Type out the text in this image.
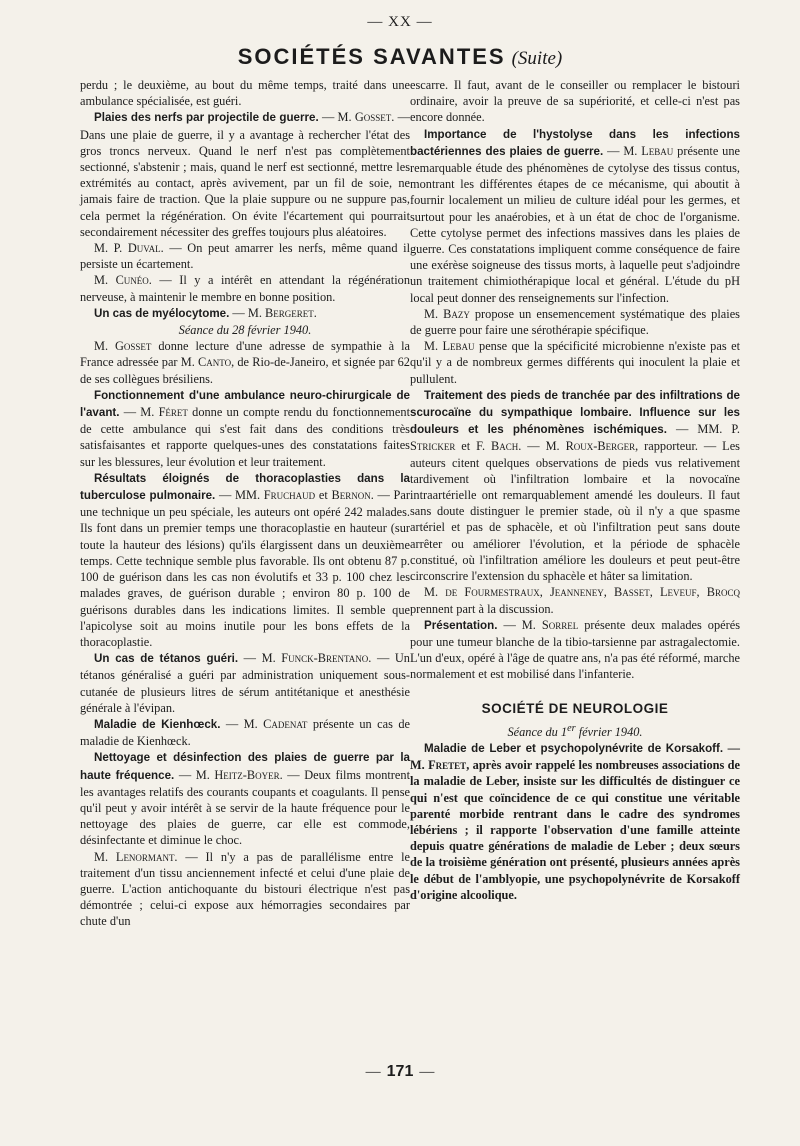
— XX —
SOCIÉTÉS SAVANTES (Suite)

perdu ; le deuxième, au bout du même temps, traité dans une ambulance spécialisée, est guéri.

Plaies des nerfs par projectile de guerre. — M. Gosset. — Dans une plaie de guerre, il y a avantage à rechercher l'état des gros troncs nerveux. Quand le nerf n'est pas complètement sectionné, s'abstenir ; mais, quand le nerf est sectionné, mettre les extrémités au contact, après avivement, par un fil de soie, ne jamais faire de traction. Que la plaie suppure ou ne suppure pas, cela permet la régénération. On évite l'écartement qui pourrait secondairement nécessiter des greffes toujours plus aléatoires.

M. P. Duval. — On peut amarrer les nerfs, même quand il persiste un écartement.

M. Cunéo. — Il y a intérêt en attendant la régénération nerveuse, à maintenir le membre en bonne position.

Un cas de myélocytome. — M. Bergeret.

Séance du 28 février 1940.

M. Gosset donne lecture d'une adresse de sympathie à la France adressée par M. Canto, de Rio-de-Janeiro, et signée par 62 de ses collègues brésiliens.

Fonctionnement d'une ambulance neuro-chirurgicale de l'avant. — M. Féret donne un compte rendu du fonctionnement de cette ambulance qui s'est fait dans des conditions très satisfaisantes et rapporte quelques-unes des constatations faites sur les blessures, leur évolution et leur traitement.

Résultats éloignés de thoracoplasties dans la tuberculose pulmonaire. — MM. Fruchaud et Bernon. — Par une technique un peu spéciale, les auteurs ont opéré 242 malades. Ils font dans un premier temps une thoracoplastie en hauteur (sur toute la hauteur des lésions) qu'ils élargissent dans un deuxième temps. Cette technique semble plus favorable. Ils ont obtenu 87 p. 100 de guérison dans les cas non évolutifs et 33 p. 100 chez les malades graves, de guérison durable ; environ 80 p. 100 de guérisons durables dans les indications limites. Il semble que l'apicolyse soit au moins inutile pour les bons effets de la thoracoplastie.

Un cas de tétanos guéri. — M. Funck-Brentano. — Un tétanos généralisé a guéri par administration uniquement sous-cutanée de plusieurs litres de sérum antitétanique et anesthésie générale à l'évipan.

Maladie de Kienhœck. — M. Cadenat présente un cas de maladie de Kienhœck.

Nettoyage et désinfection des plaies de guerre par la haute fréquence. — M. Heitz-Boyer. — Deux films montrent les avantages relatifs des courants coupants et coagulants. Il pense qu'il peut y avoir intérêt à se servir de la haute fréquence pour le nettoyage des plaies de guerre, car elle est commode, désinfectante et diminue le choc.

M. Lenormant. — Il n'y a pas de parallélisme entre le traitement d'un tissu anciennement infecté et celui d'une plaie de guerre. L'action antichoquante du bistouri électrique n'est pas démontrée ; celui-ci expose aux hémorragies secondaires par chute d'un

escarre. Il faut, avant de le conseiller ou remplacer le bistouri ordinaire, avoir la preuve de sa supériorité, et celle-ci n'est pas encore donnée.

Importance de l'hystolyse dans les infections bactériennes des plaies de guerre. — M. Lebau présente une remarquable étude des phénomènes de cytolyse des tissus contus, montrant les différentes étapes de ce mécanisme, qui aboutit à fournir localement un milieu de culture idéal pour les germes, et surtout pour les anaérobies, et à un état de choc de l'organisme. Cette cytolyse permet des infections massives dans les plaies de guerre. Ces constatations impliquent comme conséquence de faire une exérèse soigneuse des tissus morts, à laquelle peut s'adjoindre un traitement chimiothérapique local et général. L'étude du pH local peut donner des renseignements sur l'infection.

M. Bazy propose un ensemencement systématique des plaies de guerre pour faire une sérothérapie spécifique.

M. Lebau pense que la spécificité microbienne n'existe pas et qu'il y a de nombreux germes différents qui inoculent la plaie et pullulent.

Traitement des pieds de tranchée par des infiltrations de scurocaïne du sympathique lombaire. Influence sur les douleurs et les phénomènes ischémiques. — MM. P. Stricker et F. Bach. — M. Roux-Berger, rapporteur. — Les auteurs citent quelques observations de pieds vus relativement tardivement où l'infiltration lombaire et la novocaïne intraartérielle ont remarquablement amendé les douleurs. Il faut sans doute distinguer le premier stade, où il n'y a que spasme artériel et pas de sphacèle, et où l'infiltration peut sans doute arrêter ou améliorer l'évolution, et la période de sphacèle constitué, où l'infiltration améliore les douleurs et peut peut-être circonscrire l'extension du sphacèle et hâter sa limitation.

M. de Fourmestraux, Jeanneney, Basset, Leveuf, Brocq prennent part à la discussion.

Présentation. — M. Sorrel présente deux malades opérés pour une tumeur blanche de la tibio-tarsienne par astragalectomie. L'un d'eux, opéré à l'âge de quatre ans, n'a pas été réformé, marche normalement et est mobilisé dans l'infanterie.

SOCIÉTÉ DE NEUROLOGIE

Séance du 1er février 1940.

Maladie de Leber et psychopolynévrite de Korsakoff. — M. Fretet, après avoir rappelé les nombreuses associations de la maladie de Leber, insiste sur les difficultés de distinguer ce qui n'est que coïncidence de ce qui constitue une véritable parenté morbide rentrant dans le cadre des syndromes lébériens ; il rapporte l'observation d'une famille atteinte depuis quatre générations de maladie de Leber ; deux sœurs de la troisième génération ont présenté, plusieurs années après le début de l'amblyopie, une psychopolynévrite de Korsakoff d'origine alcoolique.

— 171 —
